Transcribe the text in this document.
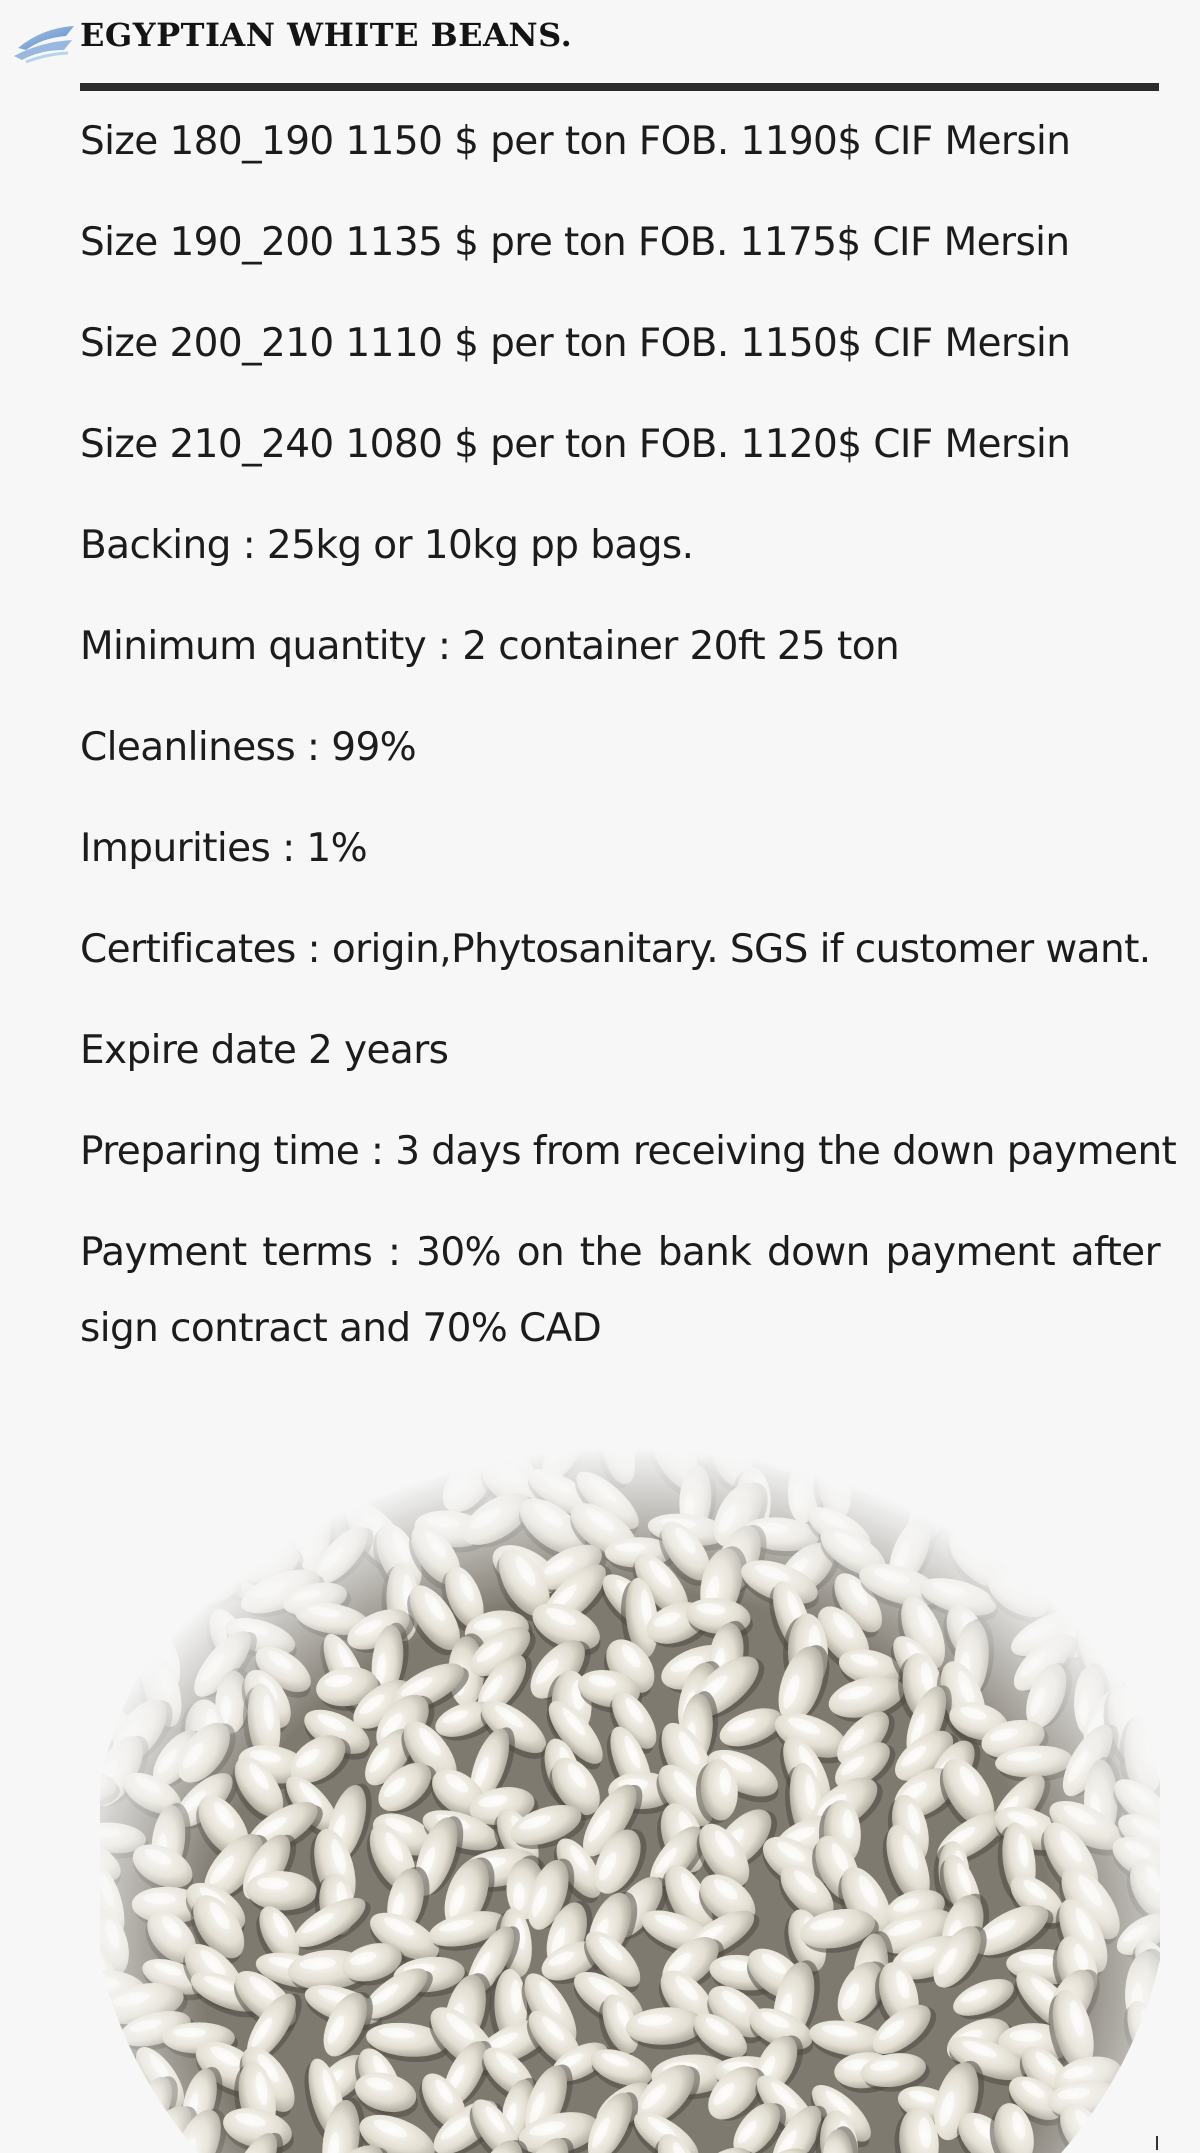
EGYPTIAN WHITE BEANS.
Size 180_190 1150 $ per ton FOB. 1190$ CIF Mersin
Size 190_200 1135 $ pre ton FOB. 1175$ CIF Mersin
Size 200_210 1110 $ per ton FOB. 1150$ CIF Mersin
Size 210_240 1080 $ per ton FOB. 1120$ CIF Mersin
Backing : 25kg or 10kg pp bags.
Minimum quantity : 2 container 20ft 25 ton
Cleanliness : 99%
Impurities : 1%
Certificates : origin,Phytosanitary. SGS if customer want.
Expire date 2 years
Preparing time : 3 days from receiving the down payment
Payment terms : 30% on the bank down payment after sign contract and 70% CAD
